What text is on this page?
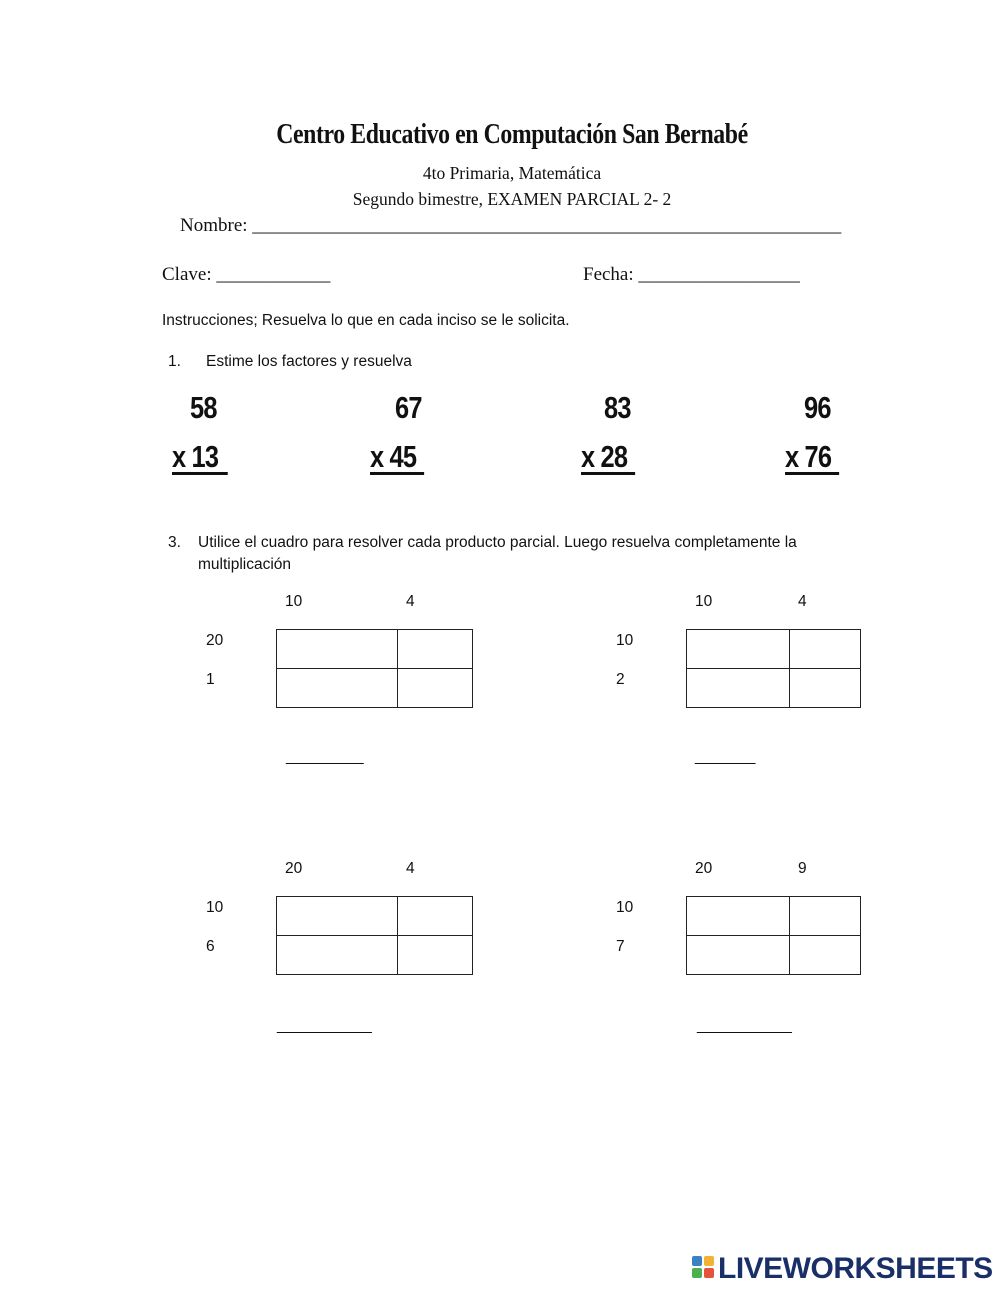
Centro Educativo en Computación San Bernabé
4to Primaria, Matemática
Segundo bimestre, EXAMEN PARCIAL 2- 2
Nombre: ______________________________________________________________
Clave: ____________	Fecha: _________________
Instrucciones; Resuelva lo que en cada inciso se le solicita.
1. Estime los factores y resuelva
58
x 13
67
x 45
83
x 28
96
x 76
3. Utilice el cuadro para resolver cada producto parcial. Luego resuelva completamente la
multiplicación
10	4
20
1

_________
10	4
10
2

_______
20	4
10
6

___________
20	9
10
7

___________
LIVEWORKSHEETS
